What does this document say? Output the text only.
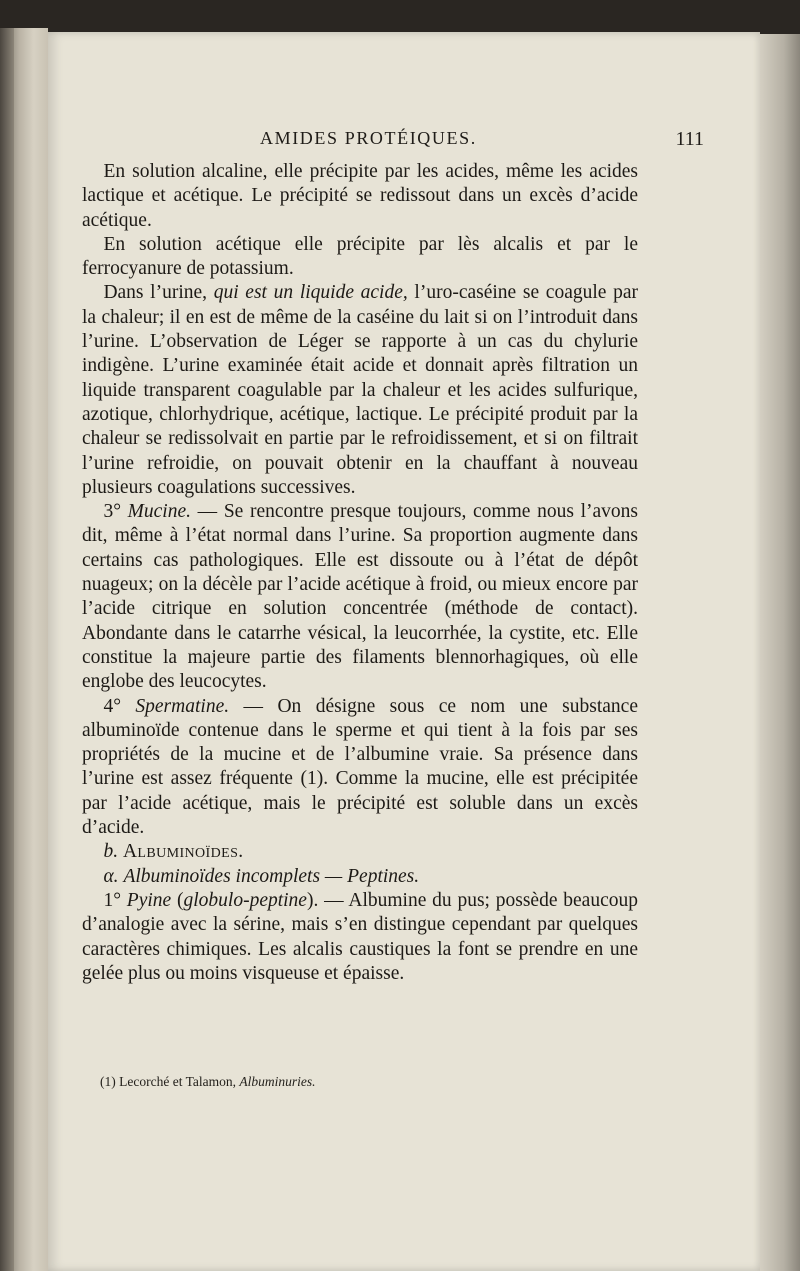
AMIDES PROTÉIQUES.	111

En solution alcaline, elle précipite par les acides, même les acides lactique et acétique. Le précipité se redissout dans un excès d’acide acétique.

En solution acétique elle précipite par lès alcalis et par le ferrocyanure de potassium.

Dans l’urine, qui est un liquide acide, l’uro-caséine se coagule par la chaleur; il en est de même de la caséine du lait si on l’introduit dans l’urine. L’observation de Léger se rapporte à un cas du chylurie indigène. L’urine examinée était acide et donnait après filtration un liquide transparent coagulable par la chaleur et les acides sulfurique, azotique, chlorhydrique, acétique, lactique. Le précipité produit par la chaleur se redissolvait en partie par le refroidissement, et si on filtrait l’urine refroidie, on pouvait obtenir en la chauffant à nouveau plusieurs coagulations successives.

3° Mucine. — Se rencontre presque toujours, comme nous l’avons dit, même à l’état normal dans l’urine. Sa proportion augmente dans certains cas pathologiques. Elle est dissoute ou à l’état de dépôt nuageux; on la décèle par l’acide acétique à froid, ou mieux encore par l’acide citrique en solution concentrée (méthode de contact). Abondante dans le catarrhe vésical, la leucorrhée, la cystite, etc. Elle constitue la majeure partie des filaments blennorhagiques, où elle englobe des leucocytes.

4° Spermatine. — On désigne sous ce nom une substance albuminoïde contenue dans le sperme et qui tient à la fois par ses propriétés de la mucine et de l’albumine vraie. Sa présence dans l’urine est assez fréquente (1). Comme la mucine, elle est précipitée par l’acide acétique, mais le précipité est soluble dans un excès d’acide.

b. Albuminoïdes.

α. Albuminoïdes incomplets — Peptines.

1° Pyine (globulo-peptine). — Albumine du pus; possède beaucoup d’analogie avec la sérine, mais s’en distingue cependant par quelques caractères chimiques. Les alcalis caustiques la font se prendre en une gelée plus ou moins visqueuse et épaisse.

(1) Lecorché et Talamon, Albuminuries.
